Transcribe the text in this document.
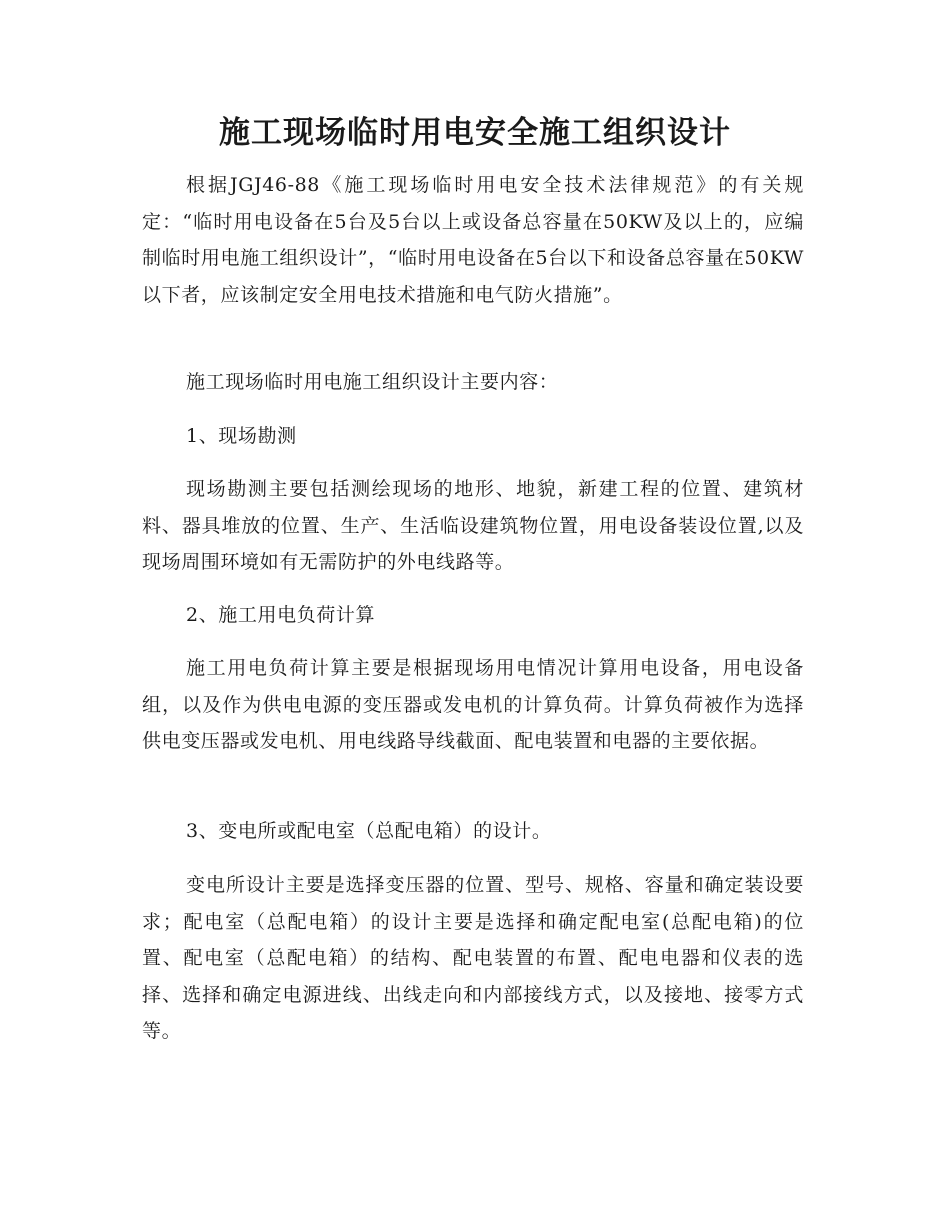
施工现场临时用电安全施工组织设计

根据JGJ46-88《施工现场临时用电安全技术法律规范》的有关规定：“临时用电设备在5台及5台以上或设备总容量在50KW及以上的，应编制临时用电施工组织设计”，“临时用电设备在5台以下和设备总容量在50KW以下者，应该制定安全用电技术措施和电气防火措施”。

施工现场临时用电施工组织设计主要内容：

1、现场勘测

现场勘测主要包括测绘现场的地形、地貌，新建工程的位置、建筑材料、器具堆放的位置、生产、生活临设建筑物位置，用电设备装设位置,以及现场周围环境如有无需防护的外电线路等。

2、施工用电负荷计算

施工用电负荷计算主要是根据现场用电情况计算用电设备，用电设备组，以及作为供电电源的变压器或发电机的计算负荷。计算负荷被作为选择供电变压器或发电机、用电线路导线截面、配电装置和电器的主要依据。

3、变电所或配电室（总配电箱）的设计。

变电所设计主要是选择变压器的位置、型号、规格、容量和确定装设要求；配电室（总配电箱）的设计主要是选择和确定配电室(总配电箱)的位置、配电室（总配电箱）的结构、配电装置的布置、配电电器和仪表的选择、选择和确定电源进线、出线走向和内部接线方式，以及接地、接零方式等。
